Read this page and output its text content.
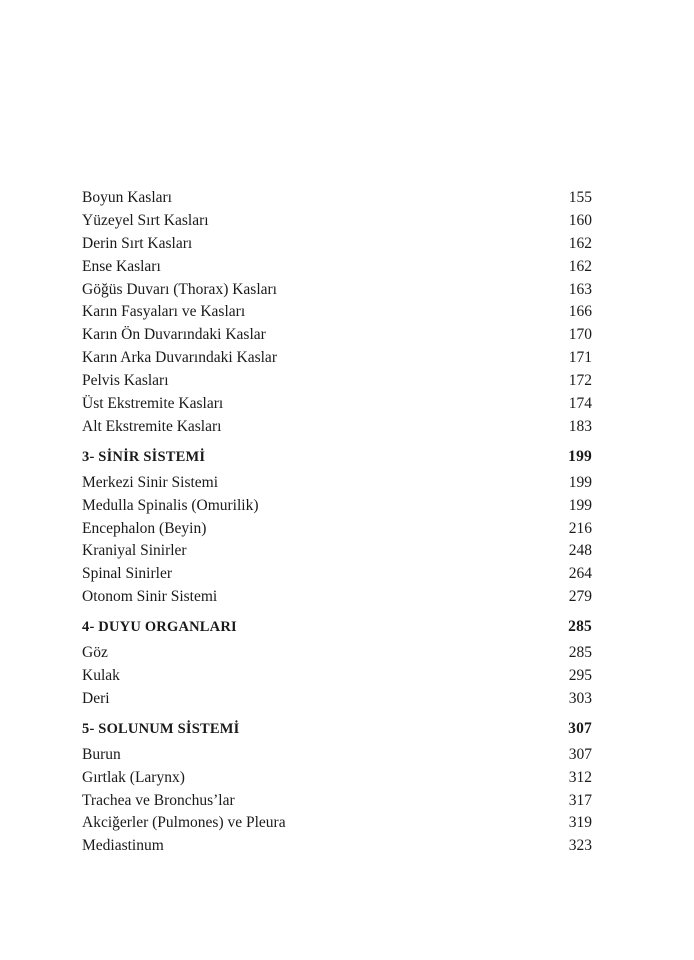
Boyun Kasları	155
Yüzeyel Sırt Kasları	160
Derin Sırt Kasları	162
Ense Kasları	162
Göğüs Duvarı (Thorax) Kasları	163
Karın Fasyaları ve Kasları	166
Karın Ön Duvarındaki Kaslar	170
Karın Arka Duvarındaki Kaslar	171
Pelvis Kasları	172
Üst Ekstremite Kasları	174
Alt Ekstremite Kasları	183
3- SİNİR SİSTEMİ	199
Merkezi Sinir Sistemi	199
Medulla Spinalis (Omurilik)	199
Encephalon (Beyin)	216
Kraniyal Sinirler	248
Spinal Sinirler	264
Otonom Sinir Sistemi	279
4- DUYU ORGANLARI	285
Göz	285
Kulak	295
Deri	303
5- SOLUNUM SİSTEMİ	307
Burun	307
Gırtlak (Larynx)	312
Trachea ve Bronchus’lar	317
Akciğerler (Pulmones) ve Pleura	319
Mediastinum	323
